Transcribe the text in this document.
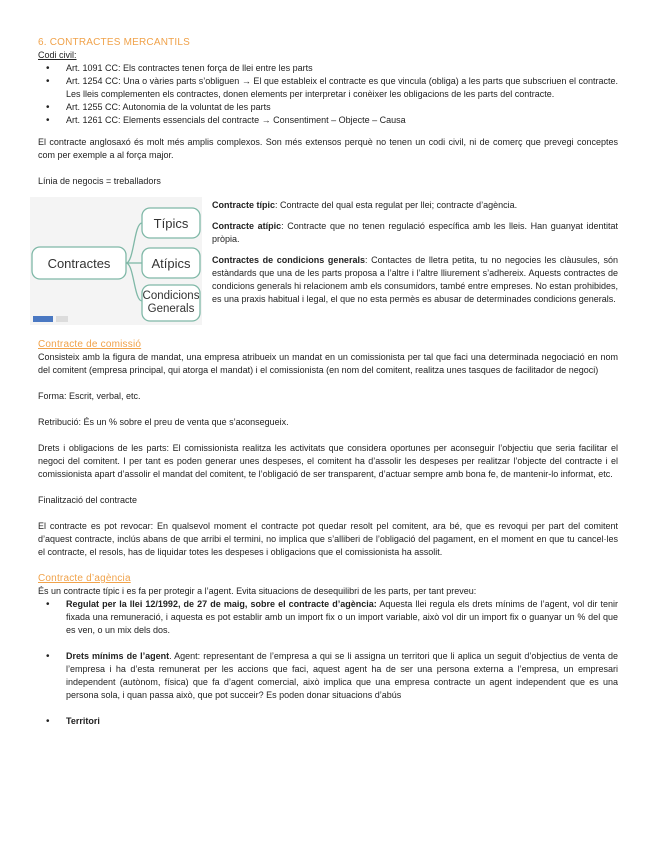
6. CONTRACTES MERCANTILS

Codi civil:

• Art. 1091 CC: Els contractes tenen força de llei entre les parts
• Art. 1254 CC: Una o vàries parts s’obliguen → El que estableix el contracte es que vincula (obliga) a les parts que subscriuen el contracte. Les lleis complementen els contractes, donen elements per interpretar i conèixer les obligacions de les parts del contracte.
• Art. 1255 CC: Autonomia de la voluntat de les parts
• Art. 1261 CC: Elements essencials del contracte → Consentiment – Objecte – Causa

El contracte anglosaxó és molt més amplis complexos. Son més extensos perquè no tenen un codi civil, ni de comerç que prevegi conceptes com per exemple a al força major.

Línia de negocis = treballadors

Contractes
Típics
Atípics
Condicions Generals

Contracte típic: Contracte del qual esta regulat per llei; contracte d’agència.

Contracte atípic: Contracte que no tenen regulació específica amb les lleis. Han guanyat identitat pròpia.

Contractes de condicions generals: Contactes de lletra petita, tu no negocies les clàusules, són estàndards que una de les parts proposa a l’altre i l’altre lliurement s’adhereix. Aquests contractes de condicions generals hi relacionem amb els consumidors, també entre empreses. No estan prohibides, es una praxis habitual i legal, el que no esta permès es abusar de determinades condicions generals.

Contracte de comissió

Consisteix amb la figura de mandat, una empresa atribueix un mandat en un comissionista per tal que faci una determinada negociació en nom del comitent (empresa principal, qui atorga el mandat) i el comissionista (en nom del comitent, realitza unes tasques de facilitador de negoci)

Forma: Escrit, verbal, etc.

Retribució: És un % sobre el preu de venta que s’aconsegueix.

Drets i obligacions de les parts: El comissionista realitza les activitats que considera oportunes per aconseguir l’objectiu que seria facilitar el negoci del comitent. I per tant es poden generar unes despeses, el comitent ha d’assolir les despeses per realitzar l’objecte del contracte i el comissionista apart d’assolir el mandat del comitent, te l’obligació de ser transparent, d’actuar sempre amb bona fe, de mantenir-lo informat, etc.

Finalització del contracte

El contracte es pot revocar: En qualsevol moment el contracte pot quedar resolt pel comitent, ara bé, que es revoqui per part del comitent d’aquest contracte, inclús abans de que arribi el termini, no implica que s’alliberi de l’obligació del pagament, en el moment en que tu cancel·les el contracte, el resols, has de liquidar totes les despeses i obligacions que el comissionista ha assolit.

Contracte d’agència

És un contracte típic i es fa per protegir a l’agent. Evita situacions de desequilibri de les parts, per tant preveu:

• Regulat per la llei 12/1992, de 27 de maig, sobre el contracte d’agència: Aquesta llei regula els drets mínims de l’agent, vol dir tenir fixada una remuneració, i aquesta es pot establir amb un import fix o un import variable, això vol dir un import fix o guanyar un % del que es ven, o un mix dels dos.
• Drets mínims de l’agent. Agent: representant de l’empresa a qui se li assigna un territori que li aplica un seguit d’objectius de venta de l’empresa i ha d’esta remunerat per les accions que faci, aquest agent ha de ser una persona externa a l’empresa, un empresari independent (autònom, física) que fa d’agent comercial, això implica que una empresa contracte un agent independent que es una persona sola, i quan passa això, que pot succeir? Es poden donar situacions d’abús
• Territori
